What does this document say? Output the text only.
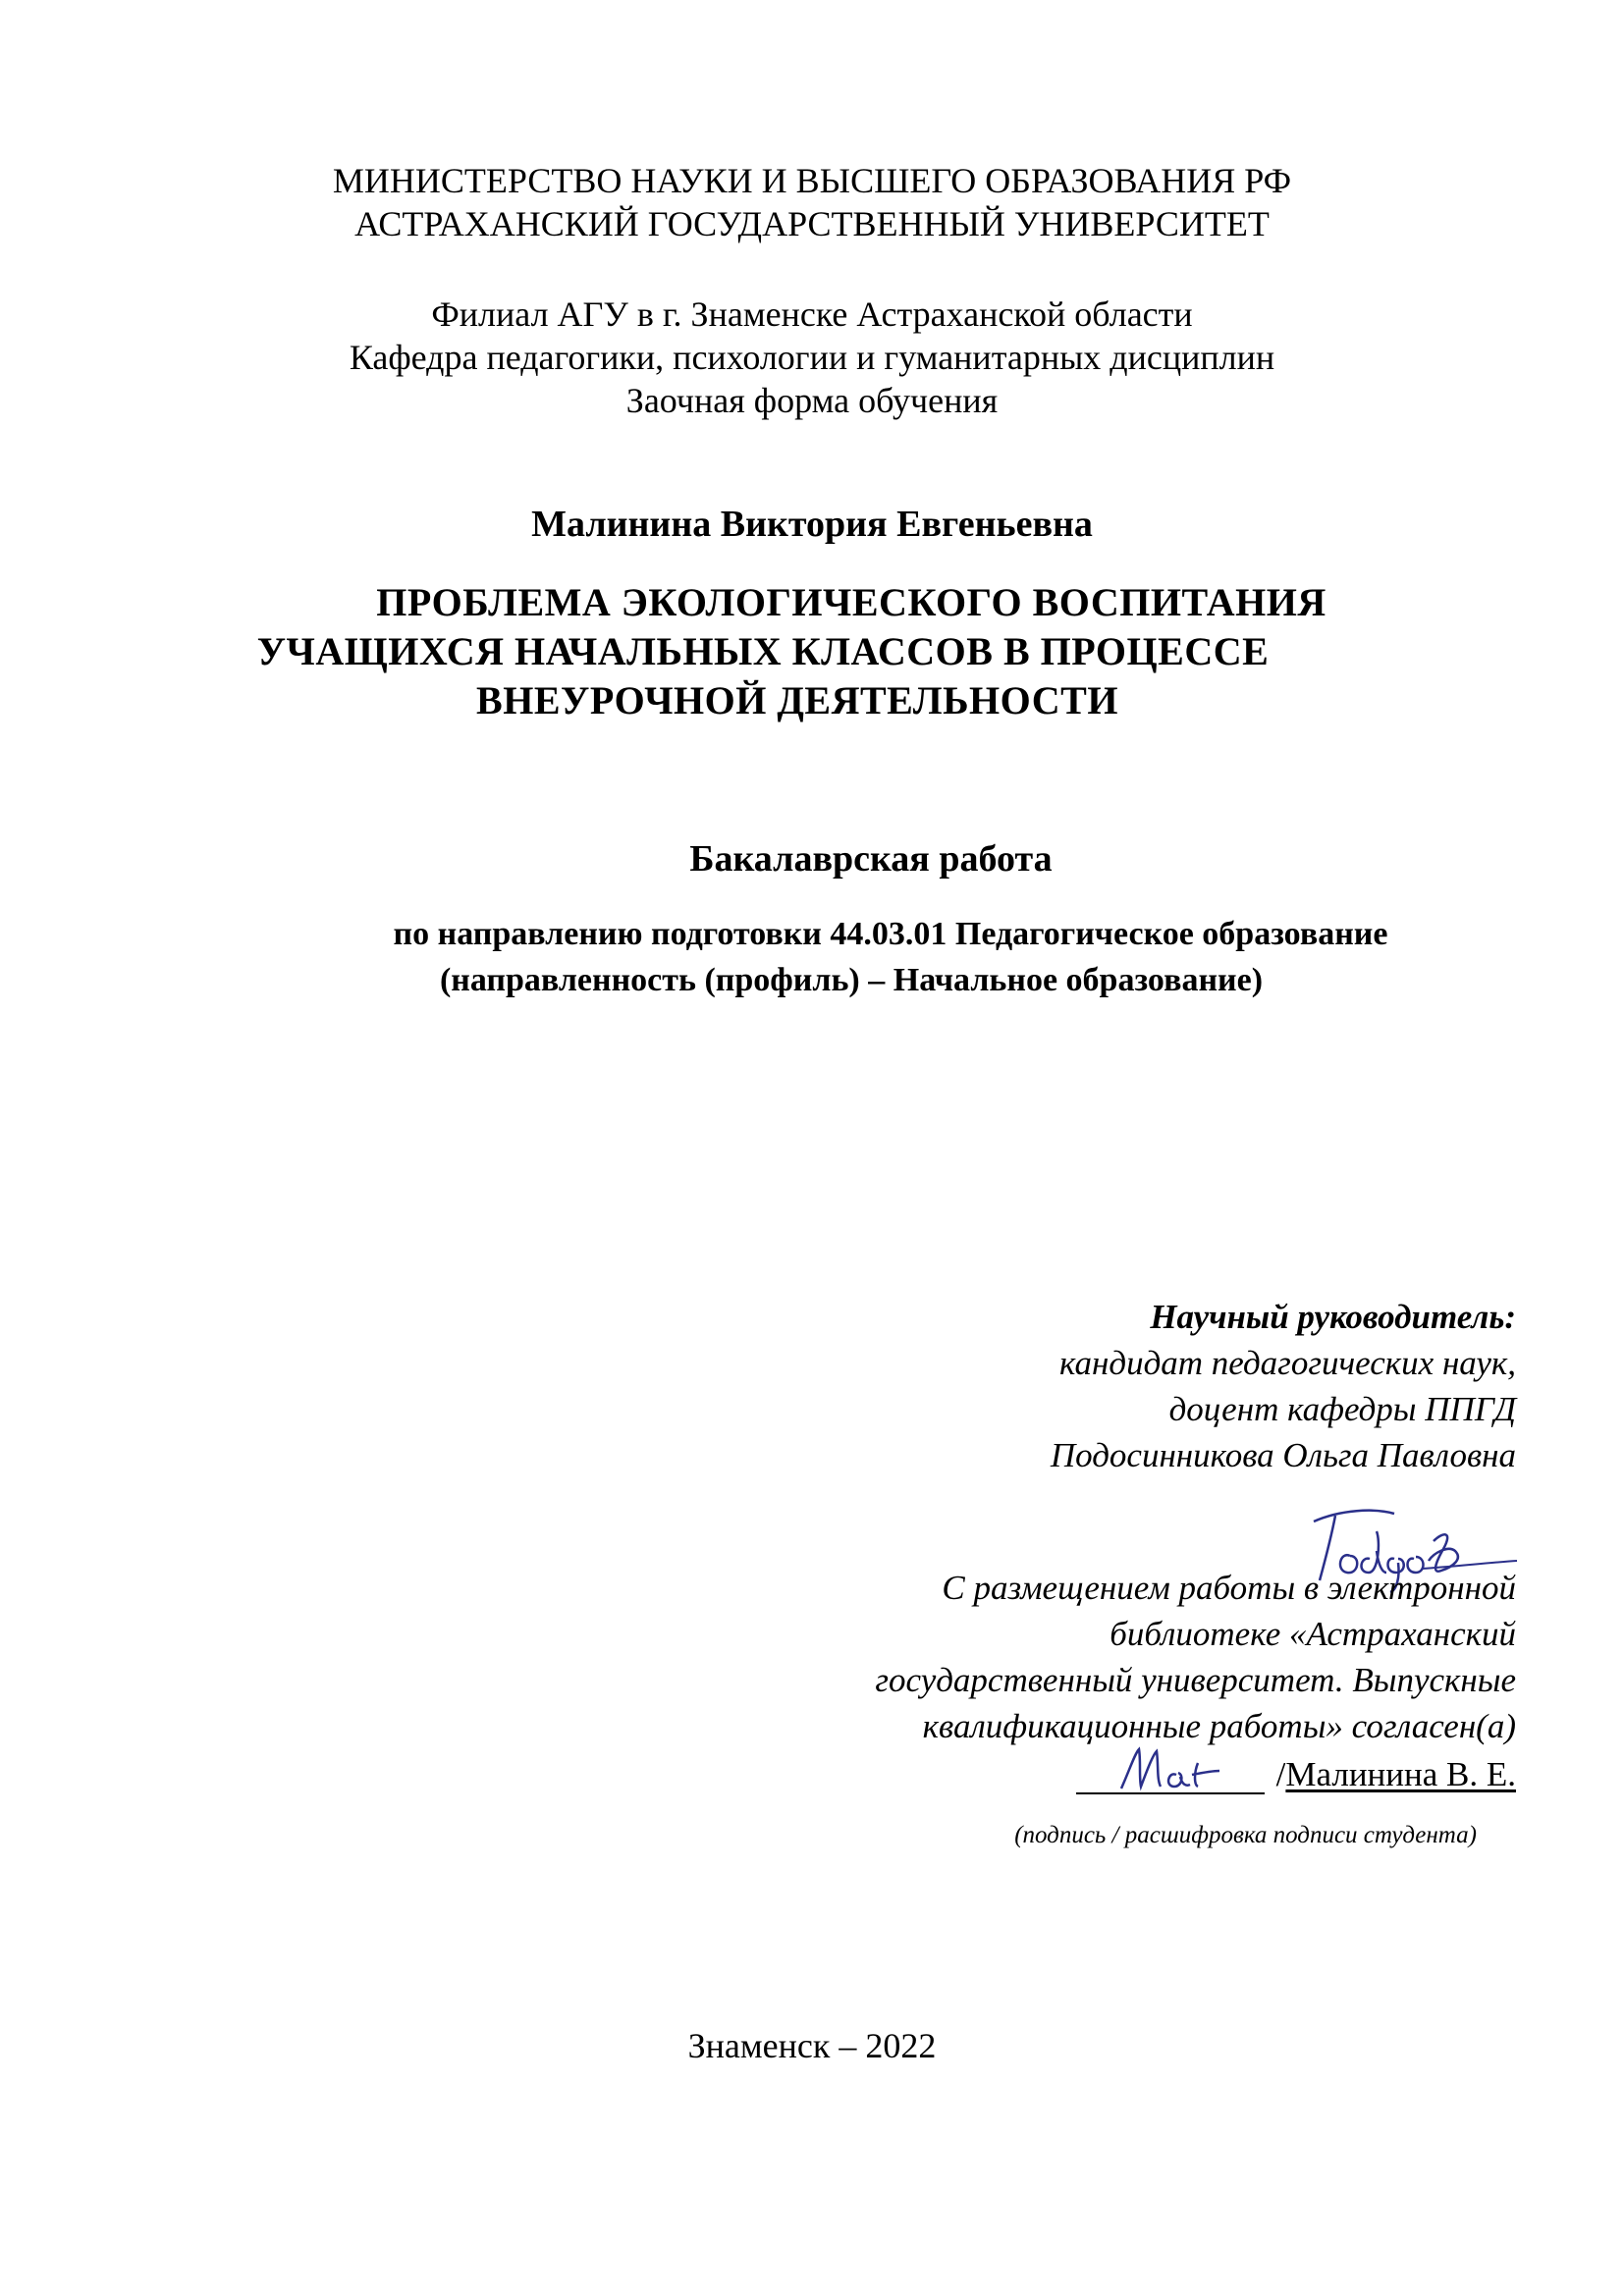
МИНИСТЕРСТВО НАУКИ И ВЫСШЕГО ОБРАЗОВАНИЯ РФ
АСТРАХАНСКИЙ ГОСУДАРСТВЕННЫЙ УНИВЕРСИТЕТ
Филиал АГУ в г. Знаменске Астраханской области
Кафедра педагогики, психологии и гуманитарных дисциплин
Заочная форма обучения
Малинина Виктория Евгеньевна
ПРОБЛЕМА ЭКОЛОГИЧЕСКОГО ВОСПИТАНИЯ
УЧАЩИХСЯ НАЧАЛЬНЫХ КЛАССОВ В ПРОЦЕССЕ
ВНЕУРОЧНОЙ ДЕЯТЕЛЬНОСТИ
Бакалаврская работа
по направлению подготовки 44.03.01 Педагогическое образование
(направленность (профиль) – Начальное образование)
Научный руководитель:
кандидат педагогических наук,
доцент кафедры ППГД
Подосинникова Ольга Павловна
С размещением работы в электронной
библиотеке «Астраханский
государственный университет. Выпускные
квалификационные работы» согласен(а)
/ Малинина В. Е.
(подпись / расшифровка подписи студента)
Знаменск – 2022
